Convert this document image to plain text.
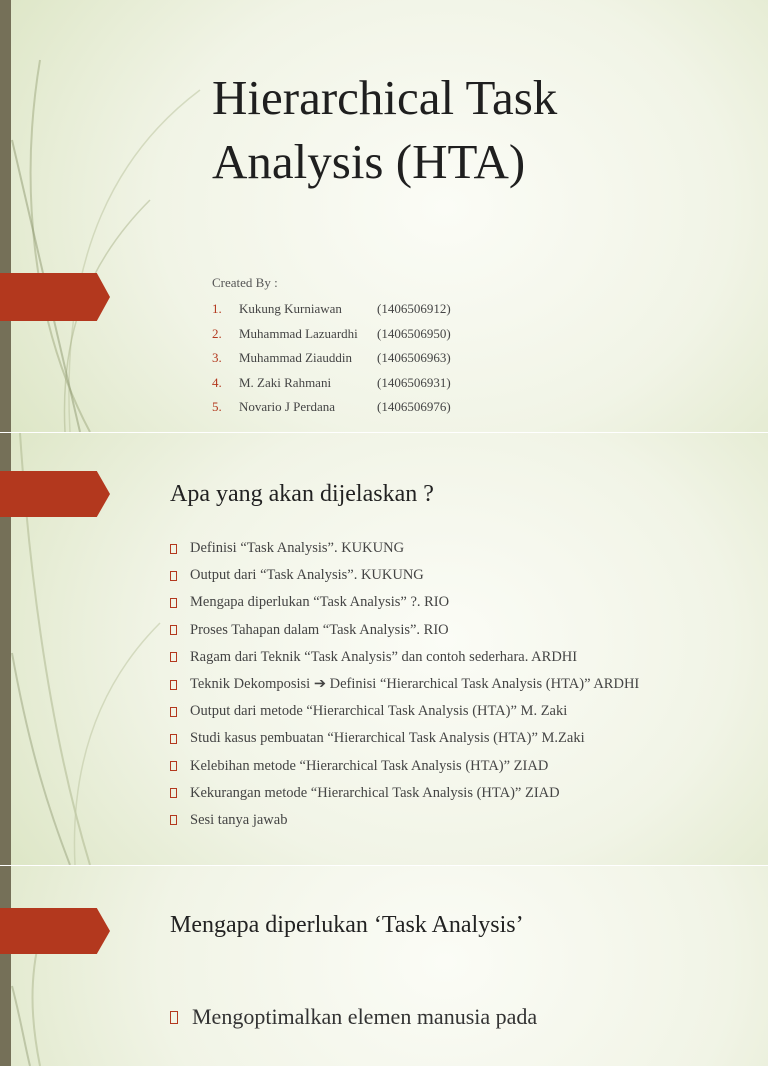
Hierarchical Task
Analysis (HTA)
Created By :
1.	Kukung Kurniawan	(1406506912)
2.	Muhammad Lazuardhi	(1406506950)
3.	Muhammad Ziauddin	(1406506963)
4.	M. Zaki Rahmani	(1406506931)
5.	Novario J Perdana	(1406506976)
Apa yang akan dijelaskan ?
Definisi “Task Analysis”. KUKUNG
Output dari “Task Analysis”. KUKUNG
Mengapa diperlukan “Task Analysis” ?. RIO
Proses Tahapan dalam “Task Analysis”. RIO
Ragam dari Teknik “Task Analysis” dan contoh sederhara. ARDHI
Teknik Dekomposisi ➔ Definisi “Hierarchical Task Analysis (HTA)” ARDHI
Output dari metode “Hierarchical Task Analysis (HTA)” M. Zaki
Studi kasus pembuatan “Hierarchical Task Analysis (HTA)” M.Zaki
Kelebihan metode “Hierarchical Task Analysis (HTA)” ZIAD
Kekurangan metode “Hierarchical Task Analysis (HTA)” ZIAD
Sesi tanya jawab
Mengapa diperlukan ‘Task Analysis’
Mengoptimalkan elemen manusia pada
